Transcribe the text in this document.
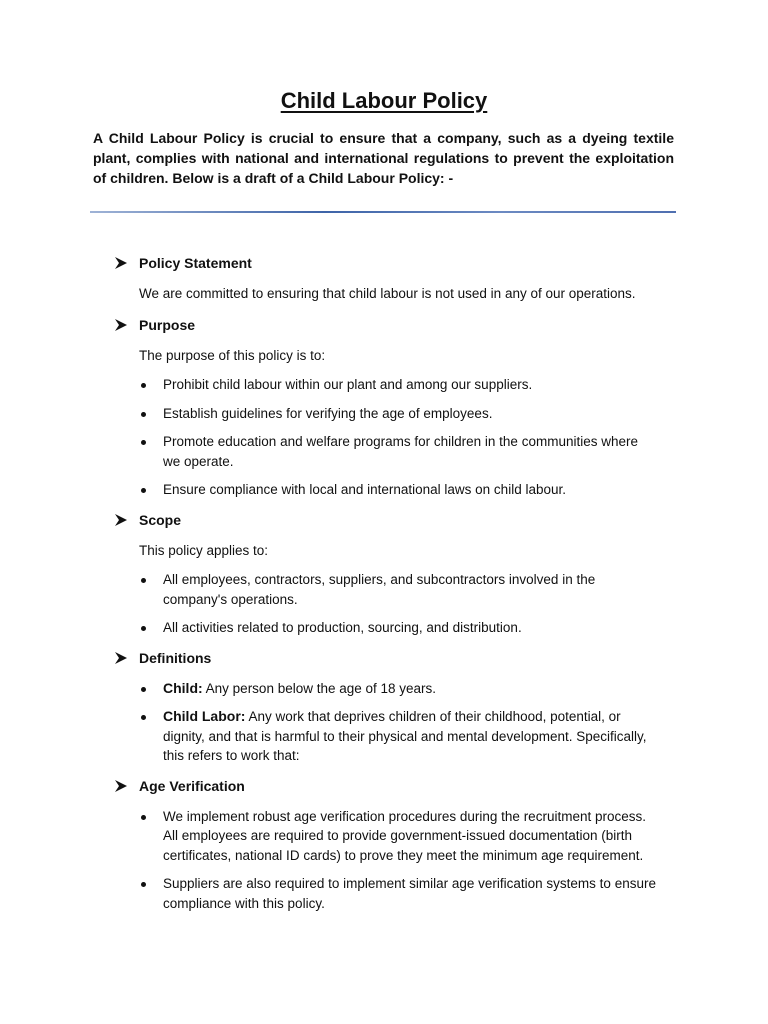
Child Labour Policy

A Child Labour Policy is crucial to ensure that a company, such as a dyeing textile plant, complies with national and international regulations to prevent the exploitation of children. Below is a draft of a Child Labour Policy: -

Policy Statement

We are committed to ensuring that child labour is not used in any of our operations.

Purpose

The purpose of this policy is to:

Prohibit child labour within our plant and among our suppliers.
Establish guidelines for verifying the age of employees.
Promote education and welfare programs for children in the communities where we operate.
Ensure compliance with local and international laws on child labour.
Scope

This policy applies to:

All employees, contractors, suppliers, and subcontractors involved in the company's operations.
All activities related to production, sourcing, and distribution.
Definitions
Child: Any person below the age of 18 years.
Child Labor: Any work that deprives children of their childhood, potential, or dignity, and that is harmful to their physical and mental development. Specifically, this refers to work that:
Age Verification
We implement robust age verification procedures during the recruitment process. All employees are required to provide government-issued documentation (birth certificates, national ID cards) to prove they meet the minimum age requirement.
Suppliers are also required to implement similar age verification systems to ensure compliance with this policy.
